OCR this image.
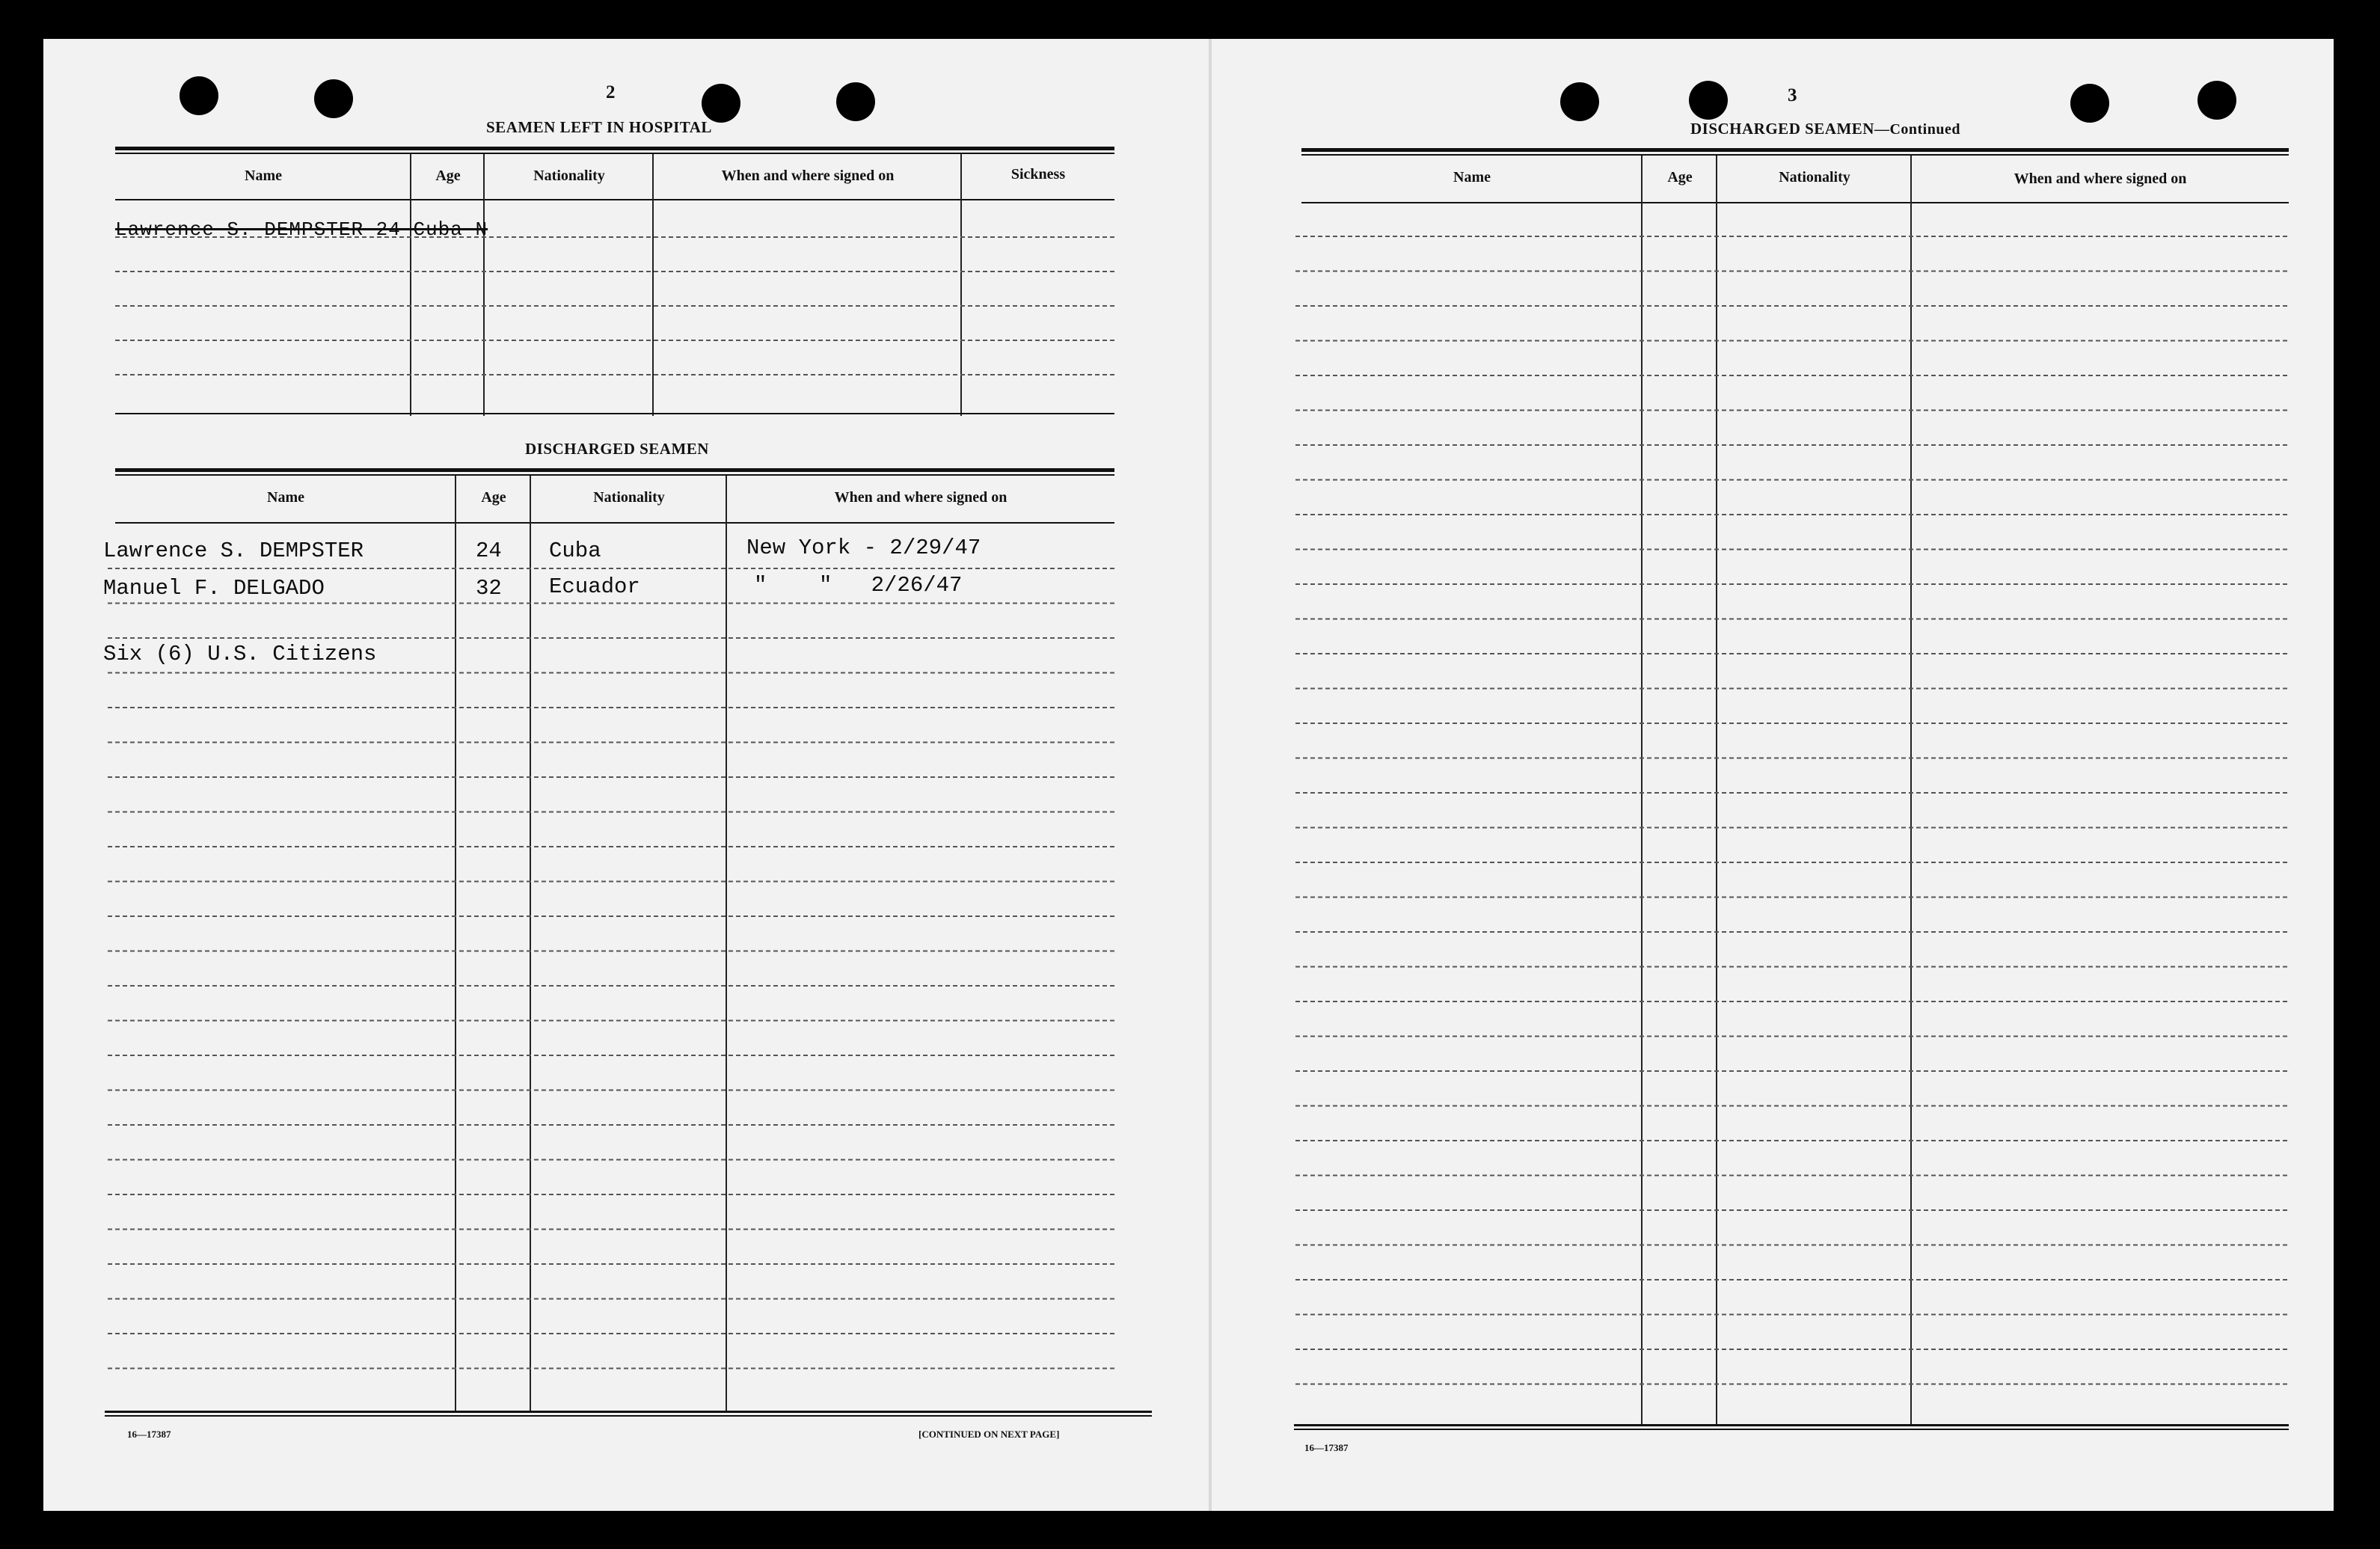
2
SEAMEN LEFT IN HOSPITAL
Name	Age	Nationality	When and where signed on	Sickness
Lawrence S. DEMPSTER 24 Cuba N
DISCHARGED SEAMEN
Name	Age	Nationality	When and where signed on
Lawrence S. DEMPSTER	24 Cuba	New York - 2/29/47
Manuel F. DELGADO	32 Ecuador	"    "   2/26/47
Six (6) U.S. Citizens
16—17387	[CONTINUED ON NEXT PAGE]
3
DISCHARGED SEAMEN—Continued
Name	Age	Nationality	When and where signed on
16—17387
